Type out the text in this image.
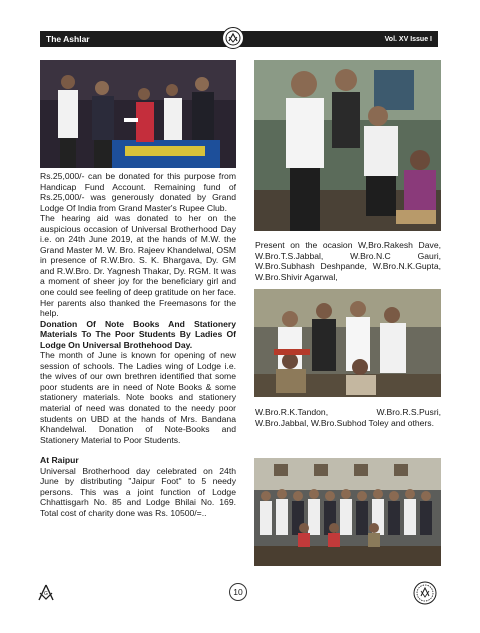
The Ashlar	Vol. XV Issue I

Rs.25,000/- can be donated for this purpose from Handicap Fund Account. Remaining fund of Rs.25,000/- was generously donated by Grand Lodge Of India from Grand Master's Rupee Club.

The hearing aid was donated to her on the auspicious occasion of Universal Brotherhood Day i.e. on 24th June 2019, at the hands of M.W. the Grand Master M. W. Bro. Rajeev Khandelwal, OSM in presence of R.W.Bro. S. K. Bhargava, Dy. GM and R.W.Bro. Dr. Yagnesh Thakar, Dy. RGM. It was a moment of sheer joy for the beneficiary girl and one could see feeling of deep gratitude on her face. Her parents also thanked the Freemasons for the help.

Donation Of Note Books And Stationery Materials To The Poor Students By Ladies Of Lodge On Universal Brothehood Day.

The month of June is known for opening of new session of schools. The Ladies wing of Lodge i.e. the wives of our own brethren identified that some poor students are in need of Note Books & some stationery materials. Note books and stationery material of need was donated to the needy poor students on UBD at the hands of Mrs. Bandana Khandelwal. Donation of Note-Books and Stationery Material to Poor Students.

At Raipur

Universal Brotherhood day celebrated on 24th June by distributing "Jaipur Foot" to 5 needy persons. This was a joint function of Lodge Chhattisgarh No. 85 and Lodge Bhilai No. 169. Total cost of charity done was Rs. 10500/=..

Present on the ocasion W,Bro.Rakesh Dave, W.Bro.T.S.Jabbal, W.Bro.N.C Gauri, W.Bro.Subhash Deshpande, W.Bro.N.K.Gupta, W.Bro.Shivir Agarwal,
W.Bro.R.K.Tandon, W.Bro.R.S.Pusri, W.Bro.Jabbal, W.Bro.Subhod Toley and others.
G	10
